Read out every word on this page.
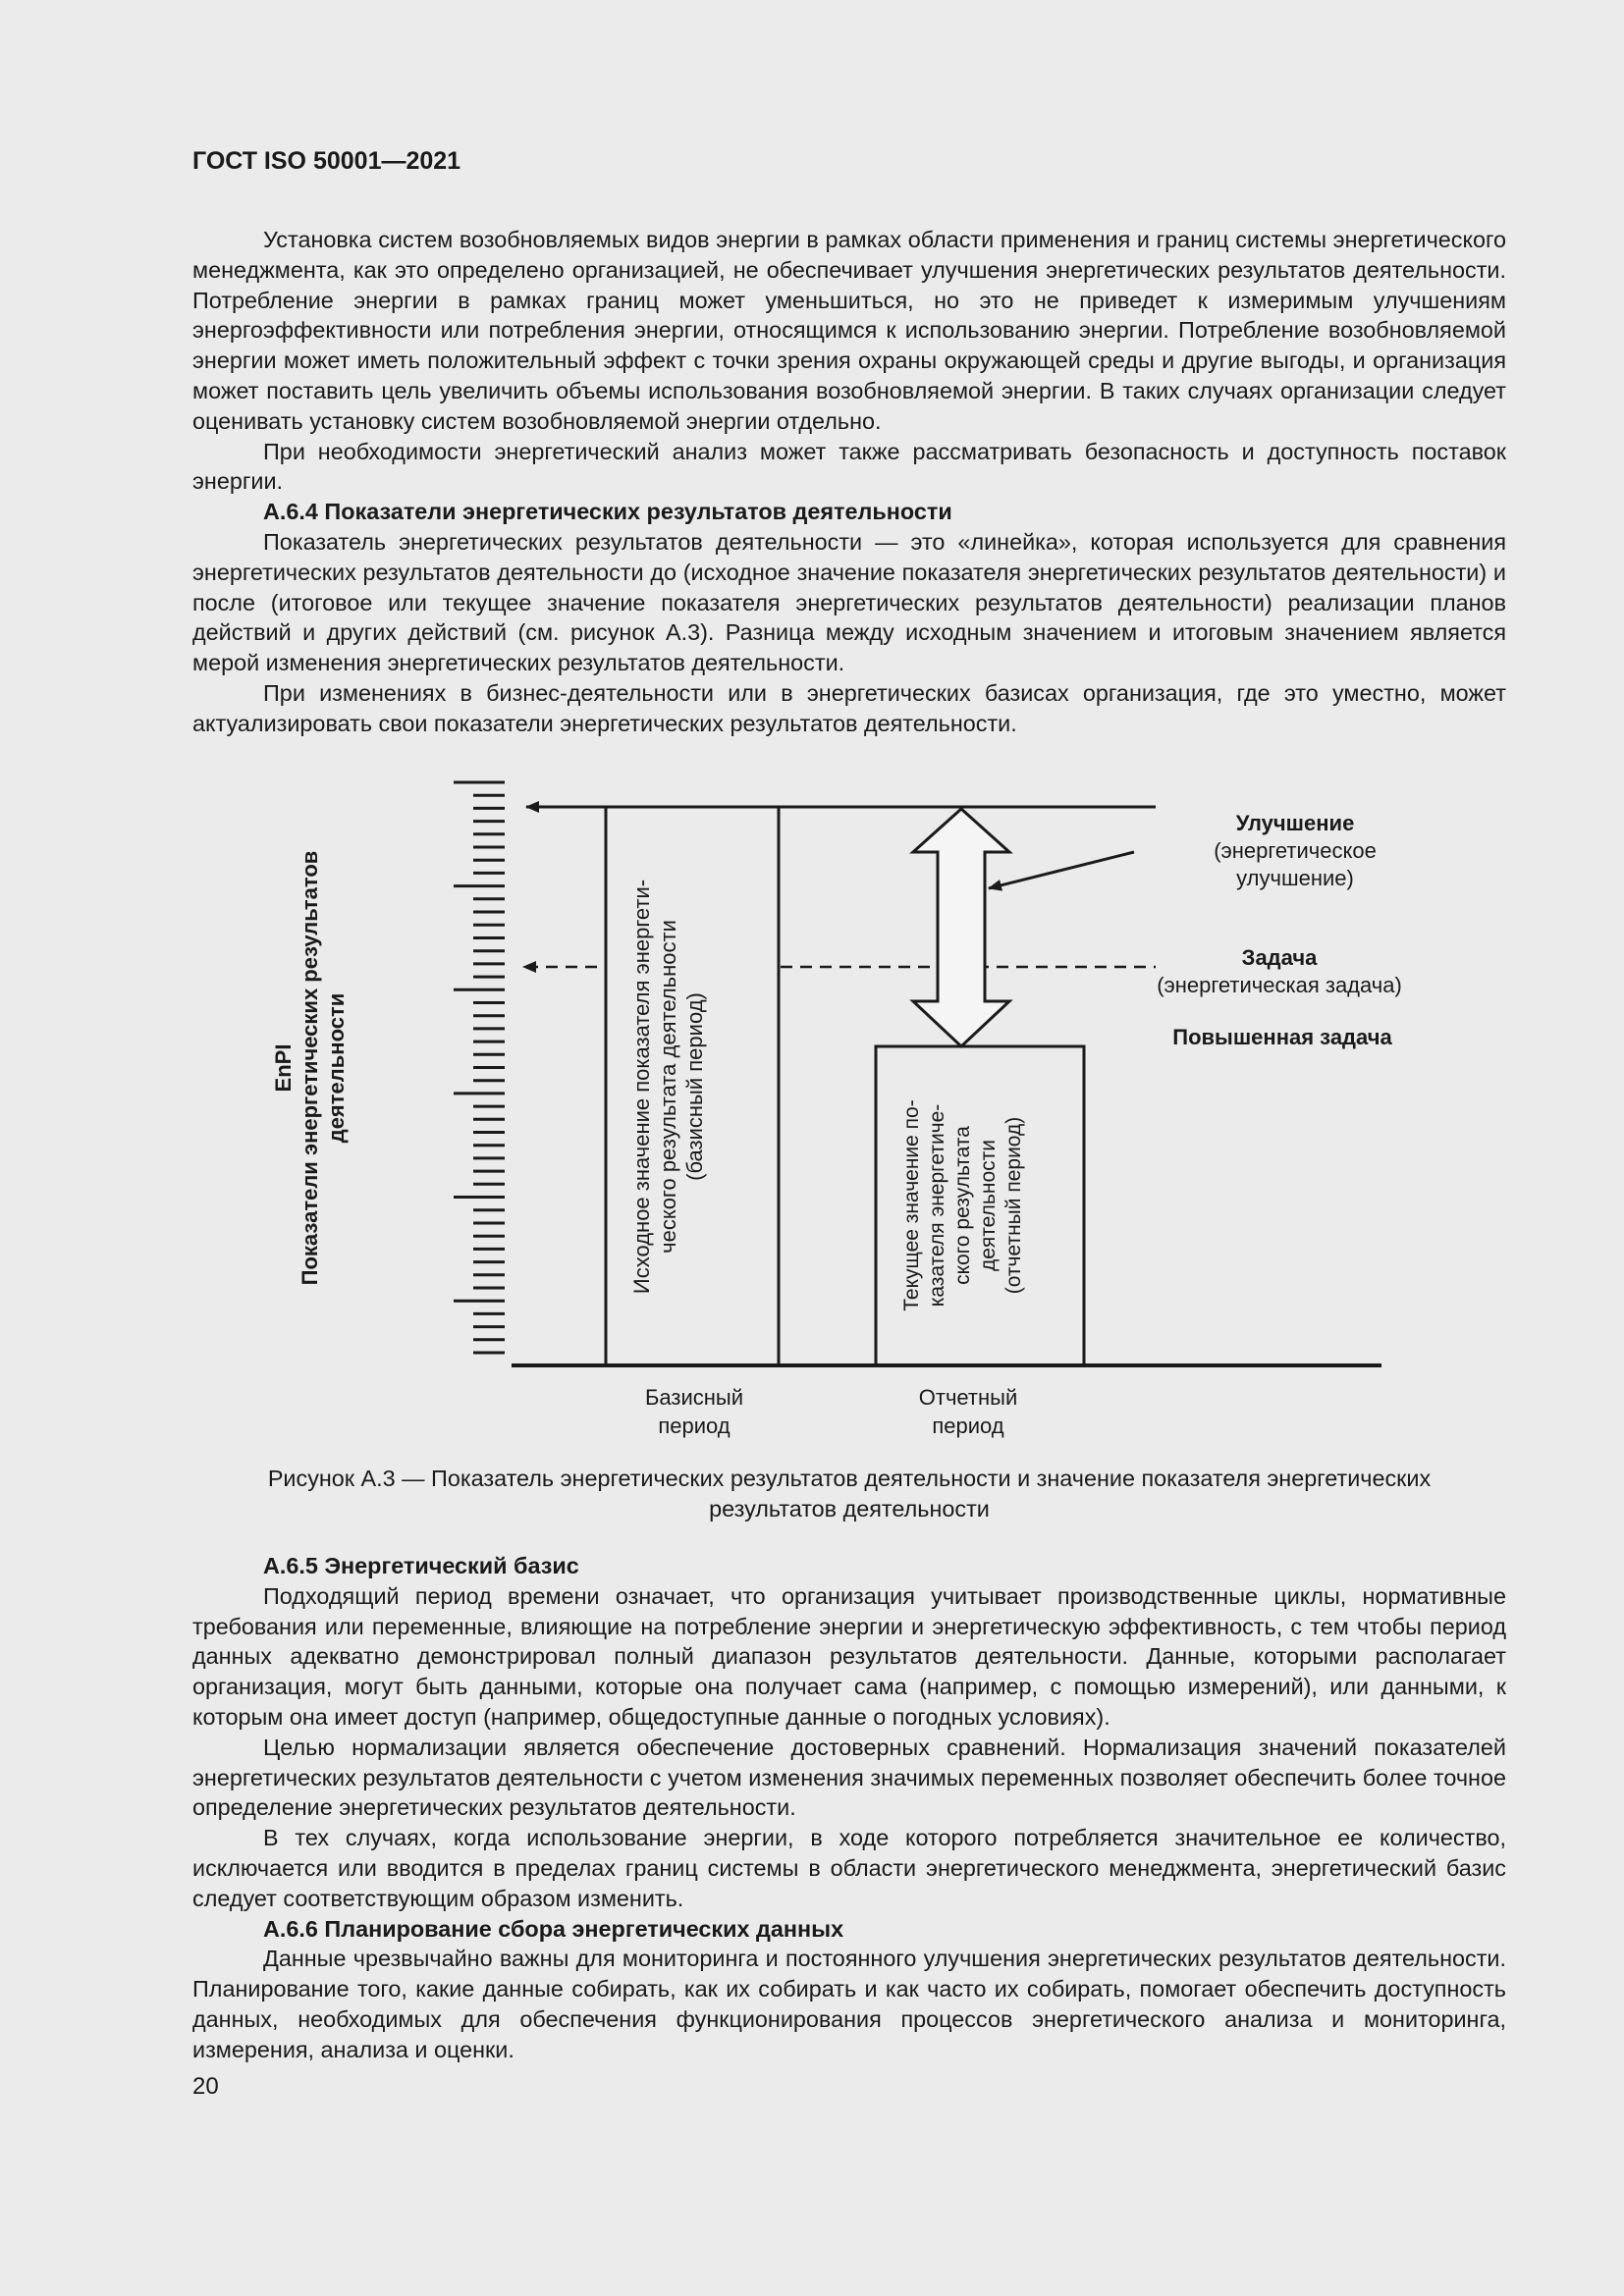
ГОСТ ISO 50001—2021

Установка систем возобновляемых видов энергии в рамках области применения и границ системы энергетического менеджмента, как это определено организацией, не обеспечивает улучшения энергетических результатов деятельности. Потребление энергии в рамках границ может уменьшиться, но это не приведет к измеримым улучшениям энергоэффективности или потребления энергии, относящимся к использованию энергии. Потребление возобновляемой энергии может иметь положительный эффект с точки зрения охраны окружающей среды и другие выгоды, и организация может поставить цель увеличить объемы использования возобновляемой энергии. В таких случаях организации следует оценивать установку систем возобновляемой энергии отдельно.

При необходимости энергетический анализ может также рассматривать безопасность и доступность поставок энергии.

А.6.4 Показатели энергетических результатов деятельности

Показатель энергетических результатов деятельности — это «линейка», которая используется для сравнения энергетических результатов деятельности до (исходное значение показателя энергетических результатов деятельности) и после (итоговое или текущее значение показателя энергетических результатов деятельности) реализации планов действий и других действий (см. рисунок А.3). Разница между исходным значением и итоговым значением является мерой изменения энергетических результатов деятельности.

При изменениях в бизнес-деятельности или в энергетических базисах организация, где это уместно, может актуализировать свои показатели энергетических результатов деятельности.

EnPI Показатели энергетических результатов деятельности	Исходное значение показателя энергети- ческого результата деятельности (базисный период)
Текущее значение по- казателя энергетиче- ского результата деятельности (отчетный период)
Улучшение
(энергетическое
улучшение)
Задача
(энергетическая задача)
Повышенная задача
Базисный
период
Отчетный
период
Рисунок А.3 — Показатель энергетических результатов деятельности и значение показателя энергетических результатов деятельности
А.6.5 Энергетический базис

Подходящий период времени означает, что организация учитывает производственные циклы, нормативные требования или переменные, влияющие на потребление энергии и энергетическую эффективность, с тем чтобы период данных адекватно демонстрировал полный диапазон результатов деятельности. Данные, которыми располагает организация, могут быть данными, которые она получает сама (например, с помощью измерений), или данными, к которым она имеет доступ (например, общедоступные данные о погодных условиях).

Целью нормализации является обеспечение достоверных сравнений. Нормализация значений показателей энергетических результатов деятельности с учетом изменения значимых переменных позволяет обеспечить более точное определение энергетических результатов деятельности.

В тех случаях, когда использование энергии, в ходе которого потребляется значительное ее количество, исключается или вводится в пределах границ системы в области энергетического менеджмента, энергетический базис следует соответствующим образом изменить.

А.6.6 Планирование сбора энергетических данных

Данные чрезвычайно важны для мониторинга и постоянного улучшения энергетических результатов деятельности. Планирование того, какие данные собирать, как их собирать и как часто их собирать, помогает обеспечить доступность данных, необходимых для обеспечения функционирования процессов энергетического анализа и мониторинга, измерения, анализа и оценки.

20
